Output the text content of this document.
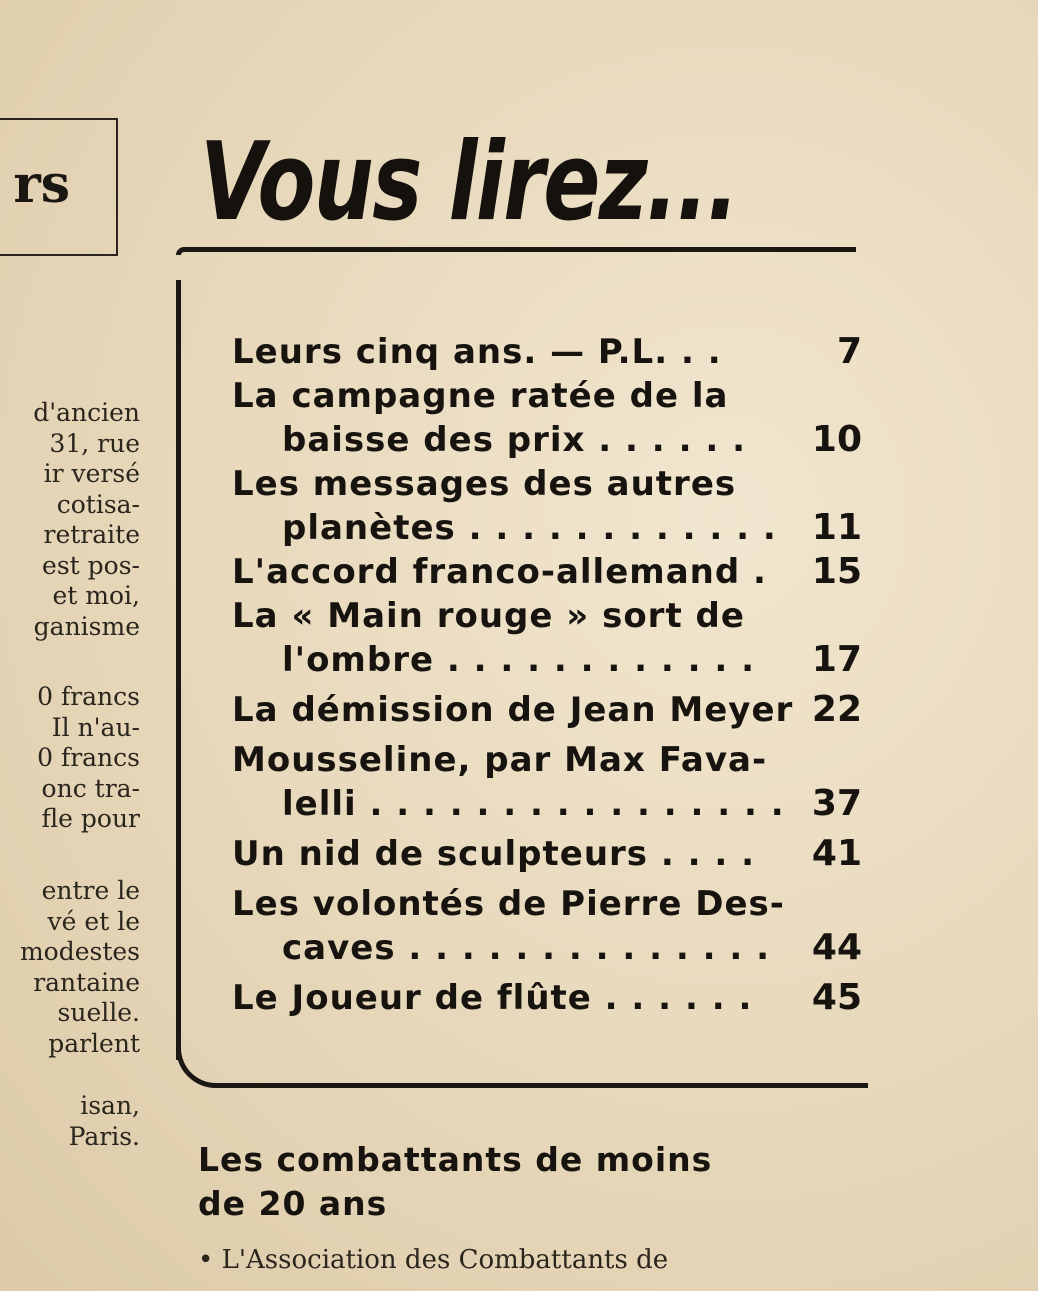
rs
d'ancien
31, rue
ir versé
cotisa-
retraite
est pos-
et moi,
ganisme
0 francs
Il n'au-
0 francs
onc tra-
fle pour
entre le
vé et le
modestes
rantaine
suelle.
parlent
isan,
Paris.
Vous lirez...
Leurs cinq ans. — P.L. . .	7
La campagne ratée de la
baisse des prix . . . . . .	10
Les messages des autres
planètes . . . . . . . . . . . . 11
L'accord franco-allemand .	15
La « Main rouge » sort de
l'ombre . . . . . . . . . . . .	17
La démission de Jean Meyer 22
Mousseline, par Max Fava-
lelli . . . . . . . . . . . . . . . . 37
Un nid de sculpteurs . . . .	41
Les volontés de Pierre Des-
caves . . . . . . . . . . . . . .	44
Le Joueur de flûte . . . . . .	45
Les combattants de moins
de 20 ans
• L'Association des Combattants de
